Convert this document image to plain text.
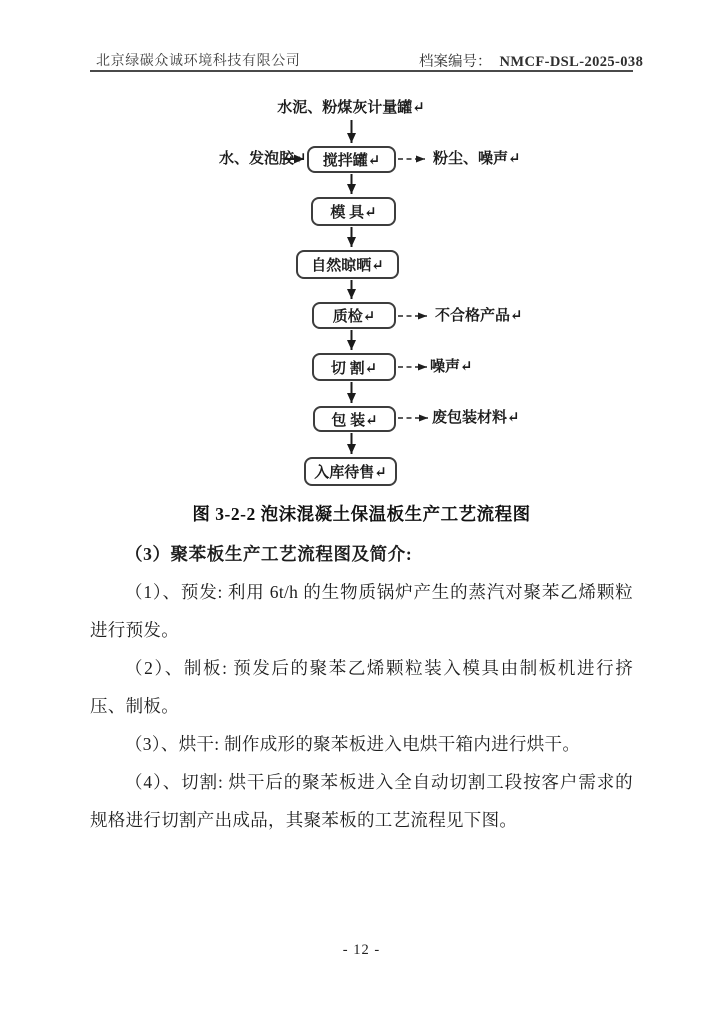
北京绿碳众诚环境科技有限公司	档案编号： NMCF-DSL-2025-038
水泥、粉煤灰计量罐↵
水、发泡胶↵	搅拌罐↵
模 具↵
自然晾晒↵
质检↵
切 割↵
包 装↵
入库待售↵
粉尘、噪声↵
不合格产品↵
噪声↵
废包装材料↵
图 3-2-2 泡沫混凝土保温板生产工艺流程图

（3）聚苯板生产工艺流程图及简介:

（1）、预发: 利用 6t/h 的生物质锅炉产生的蒸汽对聚苯乙烯颗粒进行预发。

（2）、制板: 预发后的聚苯乙烯颗粒装入模具由制板机进行挤压、制板。

（3）、烘干: 制作成形的聚苯板进入电烘干箱内进行烘干。

（4）、切割: 烘干后的聚苯板进入全自动切割工段按客户需求的规格进行切割产出成品，其聚苯板的工艺流程见下图。

- 12 -
